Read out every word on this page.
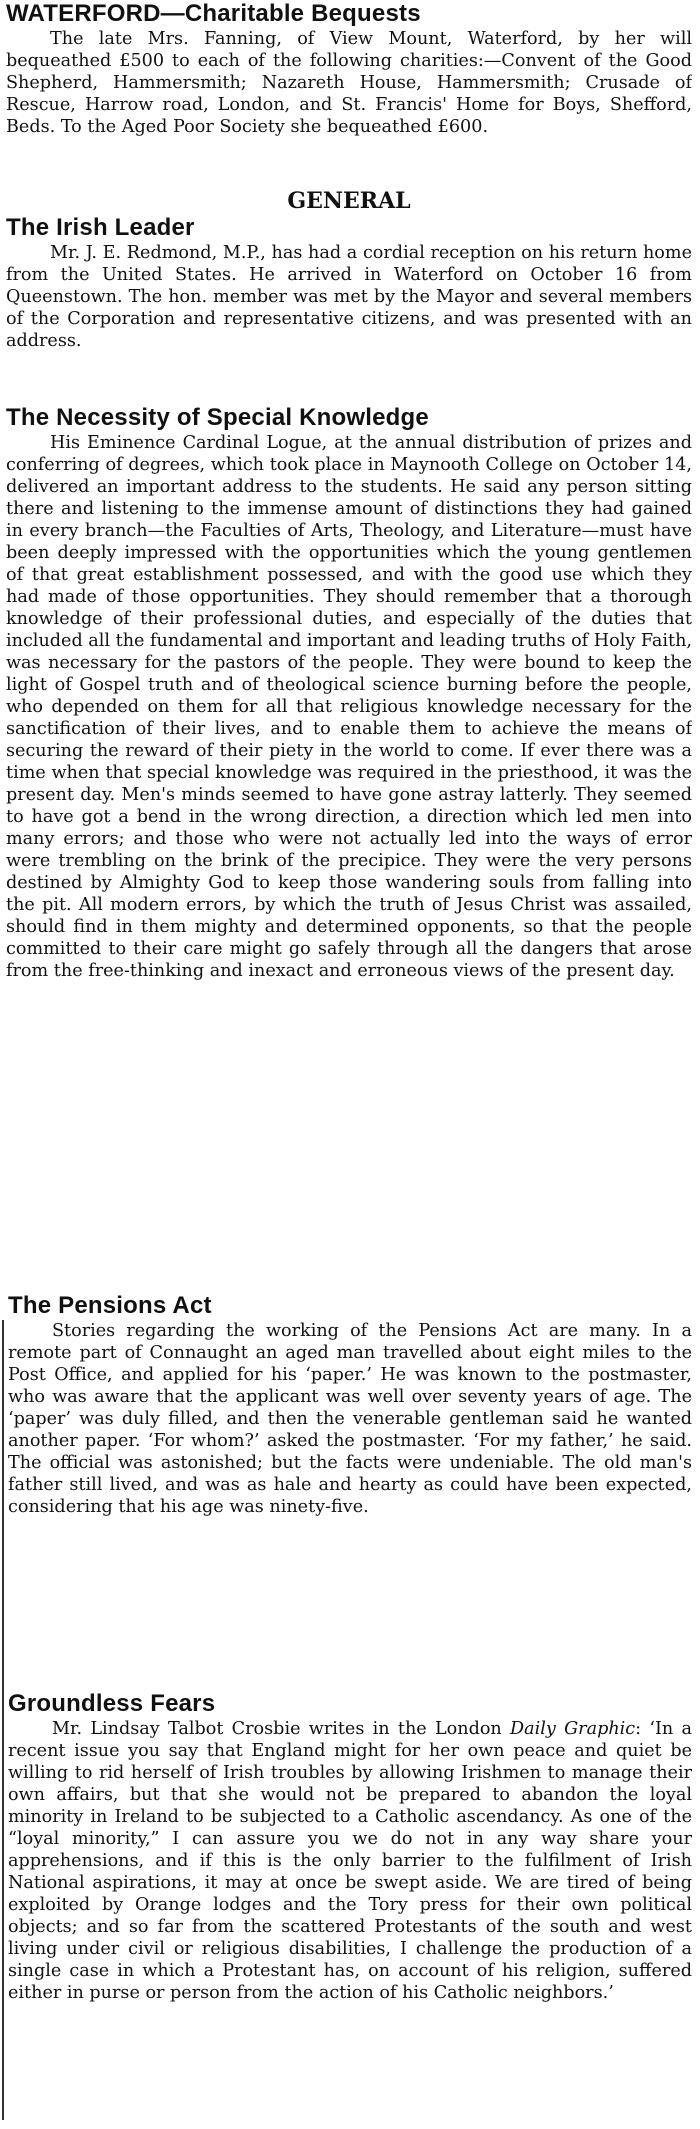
WATERFORD—Charitable Bequests

The late Mrs. Fanning, of View Mount, Waterford, by her will bequeathed £500 to each of the following charities:—Convent of the Good Shepherd, Hammersmith; Nazareth House, Hammersmith; Crusade of Rescue, Harrow road, London, and St. Francis' Home for Boys, Shefford, Beds. To the Aged Poor Society she bequeathed £600.

GENERAL
The Irish Leader

Mr. J. E. Redmond, M.P., has had a cordial reception on his return home from the United States. He arrived in Waterford on October 16 from Queenstown. The hon. member was met by the Mayor and several members of the Corporation and representative citizens, and was presented with an address.

The Necessity of Special Knowledge

His Eminence Cardinal Logue, at the annual distribution of prizes and conferring of degrees, which took place in Maynooth College on October 14, delivered an important address to the students. He said any person sitting there and listening to the immense amount of distinctions they had gained in every branch—the Faculties of Arts, Theology, and Literature—must have been deeply impressed with the opportunities which the young gentlemen of that great establishment possessed, and with the good use which they had made of those opportunities. They should remember that a thorough knowledge of their professional duties, and especially of the duties that included all the fundamental and important and leading truths of Holy Faith, was necessary for the pastors of the people. They were bound to keep the light of Gospel truth and of theological science burning before the people, who depended on them for all that religious knowledge necessary for the sanctification of their lives, and to enable them to achieve the means of securing the reward of their piety in the world to come. If ever there was a time when that special knowledge was required in the priesthood, it was the present day. Men's minds seemed to have gone astray latterly. They seemed to have got a bend in the wrong direction, a direction which led men into many errors; and those who were not actually led into the ways of error were trembling on the brink of the precipice. They were the very persons destined by Almighty God to keep those wandering souls from falling into the pit. All modern errors, by which the truth of Jesus Christ was assailed, should find in them mighty and determined opponents, so that the people committed to their care might go safely through all the dangers that arose from the free-thinking and inexact and erroneous views of the present day.

The Pensions Act

Stories regarding the working of the Pensions Act are many. In a remote part of Connaught an aged man travelled about eight miles to the Post Office, and applied for his ‘paper.’ He was known to the postmaster, who was aware that the applicant was well over seventy years of age. The ‘paper’ was duly filled, and then the venerable gentleman said he wanted another paper. ‘For whom?’ asked the postmaster. ‘For my father,’ he said. The official was astonished; but the facts were undeniable. The old man's father still lived, and was as hale and hearty as could have been expected, considering that his age was ninety-five.

Groundless Fears

Mr. Lindsay Talbot Crosbie writes in the London Daily Graphic: ‘In a recent issue you say that England might for her own peace and quiet be willing to rid herself of Irish troubles by allowing Irishmen to manage their own affairs, but that she would not be prepared to abandon the loyal minority in Ireland to be subjected to a Catholic ascendancy. As one of the “loyal minority,” I can assure you we do not in any way share your apprehensions, and if this is the only barrier to the fulfilment of Irish National aspirations, it may at once be swept aside. We are tired of being exploited by Orange lodges and the Tory press for their own political objects; and so far from the scattered Protestants of the south and west living under civil or religious disabilities, I challenge the production of a single case in which a Protestant has, on account of his religion, suffered either in purse or person from the action of his Catholic neighbors.’
